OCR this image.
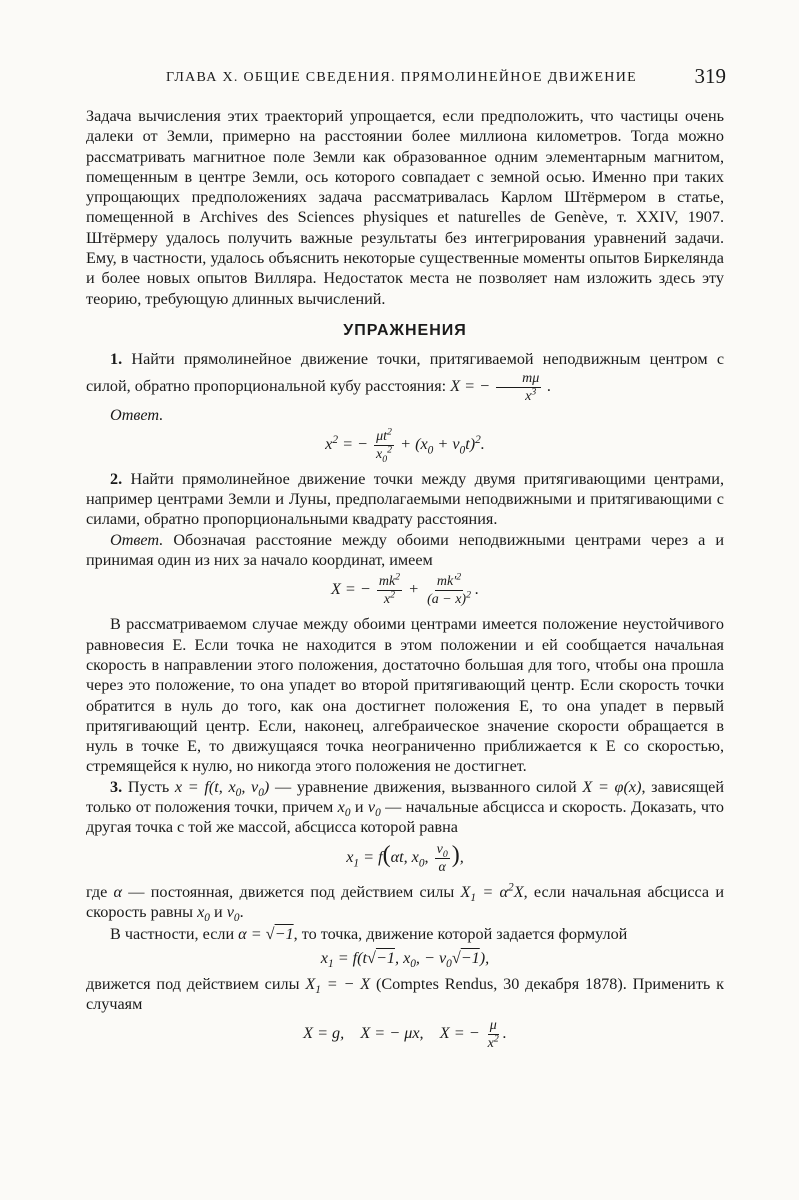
ГЛАВА X. ОБЩИЕ СВЕДЕНИЯ. ПРЯМОЛИНЕЙНОЕ ДВИЖЕНИЕ	319

Задача вычисления этих траекторий упрощается, если предположить, что частицы очень далеки от Земли, примерно на расстоянии более миллиона километров. Тогда можно рассматривать магнитное поле Земли как образованное одним элементарным магнитом, помещенным в центре Земли, ось которого совпадает с земной осью. Именно при таких упрощающих предположениях задача рассматривалась Карлом Штёрмером в статье, помещенной в Archives des Sciences physiques et naturelles de Genève, т. XXIV, 1907. Штёрмеру удалось получить важные результаты без интегрирования уравнений задачи. Ему, в частности, удалось объяснить некоторые существенные моменты опытов Биркелянда и более новых опытов Вилляра. Недостаток места не позволяет нам изложить здесь эту теорию, требующую длинных вычислений.

УПРАЖНЕНИЯ

1. Найти прямолинейное движение точки, притягиваемой неподвижным центром с силой, обратно пропорциональной кубу расстояния: X = − $\frac{m\mu}{x^3}$ .

Ответ.

$x^2$ = − $\frac{\mu t^2}{x_0^2} + (x_0 + v_0t)^2$.

2. Найти прямолинейное движение точки между двумя притягивающими центрами, например центрами Земли и Луны, предполагаемыми неподвижными и притягивающими с силами, обратно пропорциональными квадрату расстояния.

Ответ. Обозначая расстояние между обоими неподвижными центрами через a и принимая один из них за начало координат, имеем

X = − $\frac{mk^2}{x^2} + \frac{mk'^2}{(a - x)^2}$ .

В рассматриваемом случае между обоими центрами имеется положение неустойчивого равновесия E. Если точка не находится в этом положении и ей сообщается начальная скорость в направлении этого положения, достаточно большая для того, чтобы она прошла через это положение, то она упадет во второй притягивающий центр. Если скорость точки обратится в нуль до того, как она достигнет положения E, то она упадет в первый притягивающий центр. Если, наконец, алгебраическое значение скорости обращается в нуль в точке E, то движущаяся точка неограниченно приближается к E со скоростью, стремящейся к нулю, но никогда этого положения не достигнет.

3. Пусть x = f(t, $x_0$, $v_0$) — уравнение движения, вызванного силой X = φ(x), зависящей только от положения точки, причем $x_0$ и $v_0$ — начальные абсцисса и скорость. Доказать, что другая точка с той же массой, абсцисса которой равна

$x_1 = f(\alpha t$, $x_0$, $\frac{v_0}{\alpha}$ ),

где α — постоянная, движется под действием силы $X_1 = \alpha^2X$, если начальная абсцисса и скорость равны $x_0$ и $v_0$.

В частности, если α = √−1, то точка, движение которой задается формулой

$x_1 = f(t√-1$, $x_0$, − $v_0√-1$),

движется под действием силы $X_1$ = − X (Comptes Rendus, 30 декабря 1878). Применить к случаям

X = g,    X = − μx,    X = − $\frac{\mu}{x^2}$ .
